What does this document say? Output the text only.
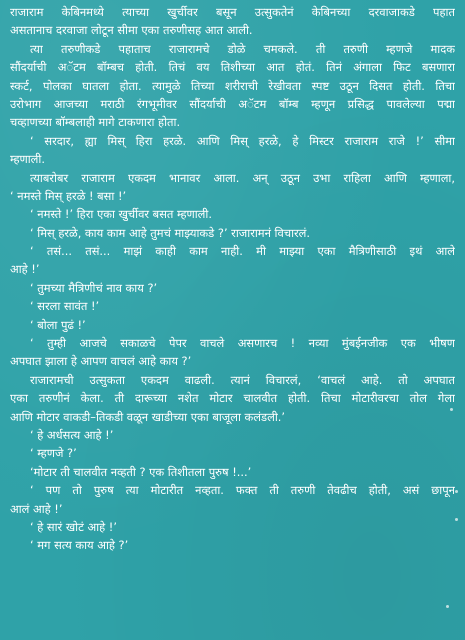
राजाराम केबिनमध्ये त्याच्या खुर्चीवर बसून उत्सुकतेनं केबिनच्या दरवाजाकडे पहात
असतानाच दरवाजा लोटून सीमा एका तरुणीसह आत आली.
त्या तरुणीकडे पहाताच राजारामचे डोळे चमकले. ती तरुणी म्हणजे मादक
सौंदर्याची अॅटम बॉम्बच होती. तिचं वय तिशीच्या आत होतं. तिनं अंगाला फिट बसणारा
स्कर्ट, पोलका घातला होता. त्यामुळे तिच्या शरीराची रेखीवता स्पष्ट उठून दिसत होती. तिचा
उरोभाग आजच्या मराठी रंगभूमीवर सौंदर्याची अॅटम बॉम्ब म्हणून प्रसिद्ध पावलेल्या पद्मा
चव्हाणच्या बॉम्बलाही मागे टाकणारा होता.
‘ सरदार, ह्या मिस् हिरा हरळे. आणि मिस् हरळे, हे मिस्टर राजाराम राजे !’ सीमा
म्हणाली.
त्याबरोबर राजाराम एकदम भानावर आला. अन् उठून उभा राहिला आणि म्हणाला,
‘ नमस्ते मिस् हरळे ! बसा !’
‘ नमस्ते !’ हिरा एका खुर्चीवर बसत म्हणाली.
‘ मिस् हरळे, काय काम आहे तुमचं माझ्याकडे ?’ राजारामनं विचारलं.
‘ तसं... तसं... माझं काही काम नाही. मी माझ्या एका मैत्रिणीसाठी इथं आले
आहे !’
‘ तुमच्या मैत्रिणीचं नाव काय ?’
‘ सरला सावंत !’
‘ बोला पुढं !’
‘ तुम्ही आजचे सकाळचे पेपर वाचले असणारच ! नव्या मुंबईनजीक एक भीषण
अपघात झाला हे आपण वाचलं आहे काय ?’
राजारामची उत्सुकता एकदम वाढली. त्यानं विचारलं, ‘वाचलं आहे. तो अपघात
एका तरुणीनं केला. ती दारूच्या नशेत मोटार चालवीत होती. तिचा मोटारीवरचा तोल गेला
आणि मोटार वाकडी–तिकडी वळून खाडीच्या एका बाजूला कलंडली.’
‘ हे अर्धसत्य आहे !’
‘ म्हणजे ?’
‘मोटार ती चालवीत नव्हती ? एक तिशीतला पुरुष !...’
‘ पण तो पुरुष त्या मोटारीत नव्हता. फक्त ती तरुणी तेवढीच होती, असं छापून
आलं आहे !’
‘ हे सारं खोटं आहे !’
‘ मग सत्य काय आहे ?’
